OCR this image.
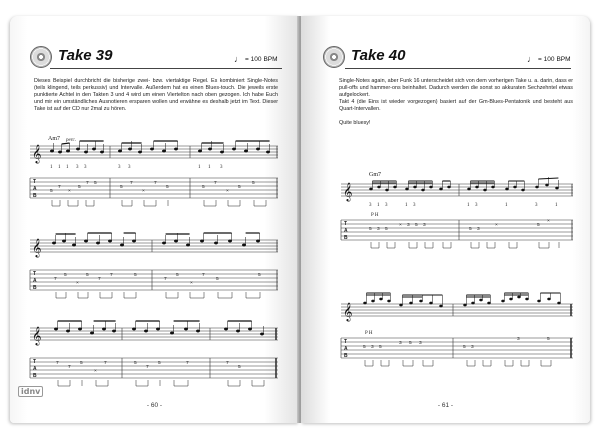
Take 39	♩ = 100 BPM

Dieses Beispiel durchbricht die bisherige zwei- bzw. viertaktige Regel. Es kombiniert Single-Notes (teils klingend, teils perkussiv) und Intervalle. Außerdem hat es einen Blues-touch. Die jeweils erste punktierte Achtel in den Takten 3 und 4 wird um einen Viertelton nach oben gezogen. Ich habe Euch und mir ein umständliches Ausnotieren ersparen wollen und erwähne es deshalb jetzt im Text. Dieser Take ist auf der CD nur 2mal zu hören.

𝄞
Am7 perc.
1 1 1 3 3	3 3	1 1 3
T
A
B
5
7
×
5
7 5
5
7
×
7
5	5
7
×
5
5
𝄞
T
A
B
7
5
×
5
7
7	5
7
5
×
7
5
5
𝄞
T
A
B
7
7
5
×
7	5
7
5	7	7
5
idnv
- 60 -
Take 40	♩ = 100 BPM

Single-Notes again, aber Funk 16 unterscheidet sich von dem vorherigen Take u. a. darin, dass er pull-offs und hammer-ons beinhaltet. Dadurch werden die sonst so akkuraten Sechzehntel etwas aufgelockert.

Takt 4 (die Eins ist wieder vorgezogen) basiert auf der Gm-Blues-Pentatonik und besteht aus Quart-Intervallen.

Quite bluesy!

Gm7
𝄞
3 1 3	1 3	1 3	1	3	1
T
A
B
P H
5 3 5
× 3 5 3
5 3
×	5
×
𝄞
T
A
B
P H
5 3 5
3 5 3
5 3
3	5
- 61 -
